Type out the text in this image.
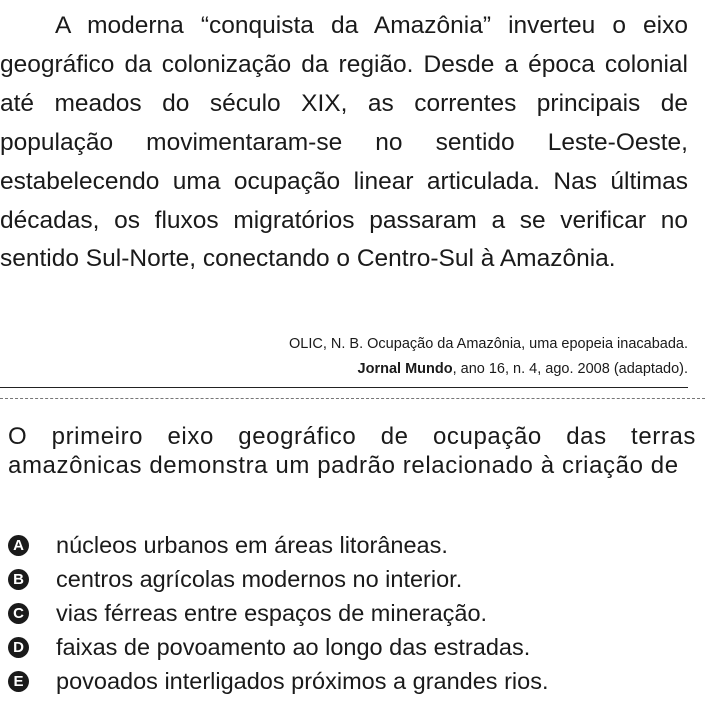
A moderna “conquista da Amazônia” inverteu o eixo geográfico da colonização da região. Desde a época colonial até meados do século XIX, as correntes principais de população movimentaram-se no sentido Leste-Oeste, estabelecendo uma ocupação linear articulada. Nas últimas décadas, os fluxos migratórios passaram a se verificar no sentido Sul-Norte, conectando o Centro-Sul à Amazônia.

OLIC, N. B. Ocupação da Amazônia, uma epopeia inacabada.
Jornal Mundo, ano 16, n. 4, ago. 2008 (adaptado).

O primeiro eixo geográfico de ocupação das terras amazônicas demonstra um padrão relacionado à criação de

A núcleos urbanos em áreas litorâneas.
B centros agrícolas modernos no interior.
C vias férreas entre espaços de mineração.
D faixas de povoamento ao longo das estradas.
E povoados interligados próximos a grandes rios.
